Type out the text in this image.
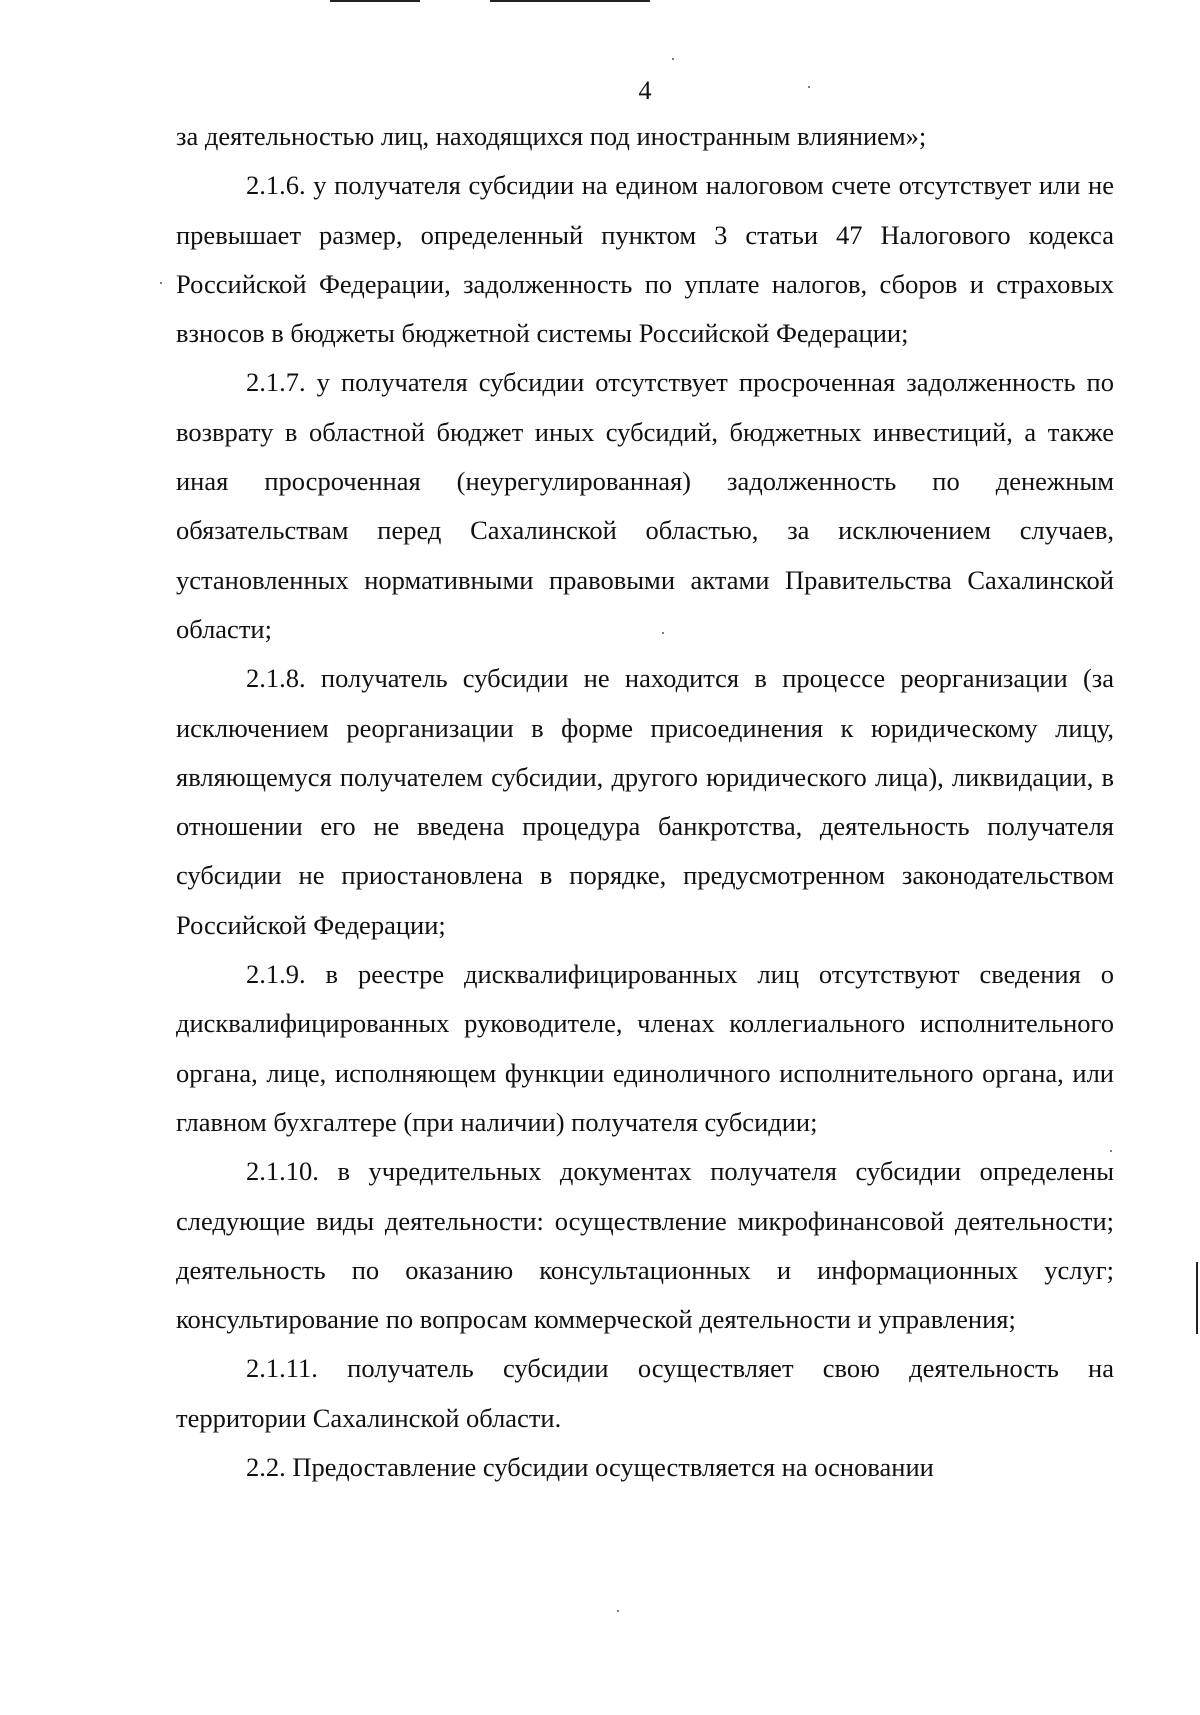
4

за деятельностью лиц, находящихся под иностранным влиянием»;

2.1.6. у получателя субсидии на едином налоговом счете отсутствует или не превышает размер, определенный пунктом 3 статьи 47 Налогового кодекса Российской Федерации, задолженность по уплате налогов, сборов и страховых взносов в бюджеты бюджетной системы Российской Федерации;

2.1.7. у получателя субсидии отсутствует просроченная задолженность по возврату в областной бюджет иных субсидий, бюджетных инвестиций, а также иная просроченная (неурегулированная) задолженность по денежным обязательствам перед Сахалинской областью, за исключением случаев, установленных нормативными правовыми актами Правительства Сахалинской области;

2.1.8. получатель субсидии не находится в процессе реорганизации (за исключением реорганизации в форме присоединения к юридическому лицу, являющемуся получателем субсидии, другого юридического лица), ликвидации, в отношении его не введена процедура банкротства, деятельность получателя субсидии не приостановлена в порядке, предусмотренном законодательством Российской Федерации;

2.1.9. в реестре дисквалифицированных лиц отсутствуют сведения о дисквалифицированных руководителе, членах коллегиального исполнительного органа, лице, исполняющем функции единоличного исполнительного органа, или главном бухгалтере (при наличии) получателя субсидии;

2.1.10. в учредительных документах получателя субсидии определены следующие виды деятельности: осуществление микрофинансовой деятельности; деятельность по оказанию консультационных и информационных услуг; консультирование по вопросам коммерческой деятельности и управления;

2.1.11. получатель субсидии осуществляет свою деятельность на территории Сахалинской области.

2.2. Предоставление субсидии осуществляется на основании
